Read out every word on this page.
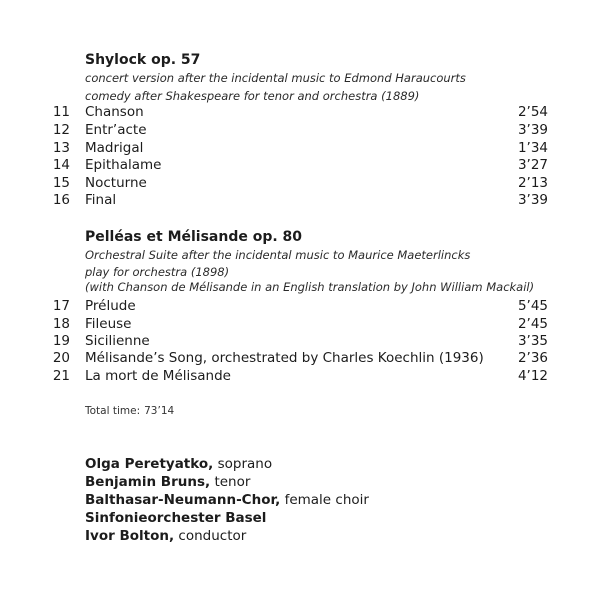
Shylock op. 57
concert version after the incidental music to Edmond Haraucourts
comedy after Shakespeare for tenor and orchestra (1889)
11 Chanson	2’54
12 Entr’acte	3’39
13 Madrigal	1’34
14 Epithalame	3’27
15 Nocturne	2’13
16 Final	3’39
Pelléas et Mélisande op. 80
Orchestral Suite after the incidental music to Maurice Maeterlincks
play for orchestra (1898)
(with Chanson de Mélisande in an English translation by John William Mackail)
17 Prélude	5’45
18 Fileuse	2’45
19 Sicilienne	3’35
20 Mélisande’s Song, orchestrated by Charles Koechlin (1936)	2’36
21 La mort de Mélisande	4’12
Total time: 73’14
Olga Peretyatko, soprano
Benjamin Bruns, tenor
Balthasar-Neumann-Chor, female choir
Sinfonieorchester Basel
Ivor Bolton, conductor
